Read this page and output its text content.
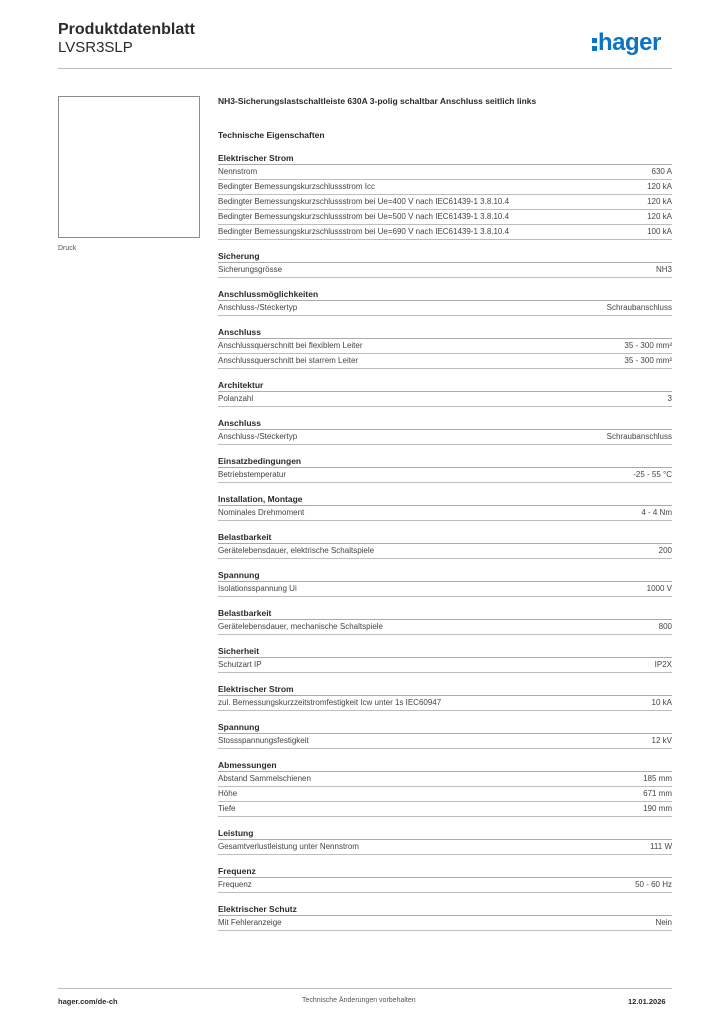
Produktdatenblatt
LVSR3SLP	hager
Druck
NH3-Sicherungslastschaltleiste 630A 3-polig schaltbar Anschluss seitlich links
Technische Eigenschaften
Elektrischer Strom
Nennstrom	630 A
Bedingter Bemessungskurzschlussstrom Icc	120 kA
Bedingter Bemessungskurzschlussstrom bei Ue=400 V nach IEC61439-1 3.8.10.4	120 kA
Bedingter Bemessungskurzschlussstrom bei Ue=500 V nach IEC61439-1 3.8.10.4	120 kA
Bedingter Bemessungskurzschlussstrom bei Ue=690 V nach IEC61439-1 3.8.10.4	100 kA
Sicherung
Sicherungsgrösse	NH3
Anschlussmöglichkeiten
Anschluss-/Steckertyp	Schraubanschluss
Anschluss
Anschlussquerschnitt bei flexiblem Leiter	35 - 300 mm²
Anschlussquerschnitt bei starrem Leiter	35 - 300 mm²
Architektur
Polanzahl	3
Anschluss
Anschluss-/Steckertyp	Schraubanschluss
Einsatzbedingungen
Betriebstemperatur	-25 - 55 °C
Installation, Montage
Nominales Drehmoment	4 - 4 Nm
Belastbarkeit
Gerätelebensdauer, elektrische Schaltspiele	200
Spannung
Isolationsspannung Ui	1000 V
Belastbarkeit
Gerätelebensdauer, mechanische Schaltspiele	800
Sicherheit
Schutzart IP	IP2X
Elektrischer Strom
zul. Bemessungskurzzeitstromfestigkeit Icw unter 1s IEC60947	10 kA
Spannung
Stossspannungsfestigkeit	12 kV
Abmessungen
Abstand Sammelschienen	185 mm
Höhe	671 mm
Tiefe	190 mm
Leistung
Gesamtverlustleistung unter Nennstrom	111 W
Frequenz
Frequenz	50 - 60 Hz
Elektrischer Schutz
Mit Fehleranzeige	Nein
hager.com/de-ch	Technische Änderungen vorbehalten	12.01.2026
